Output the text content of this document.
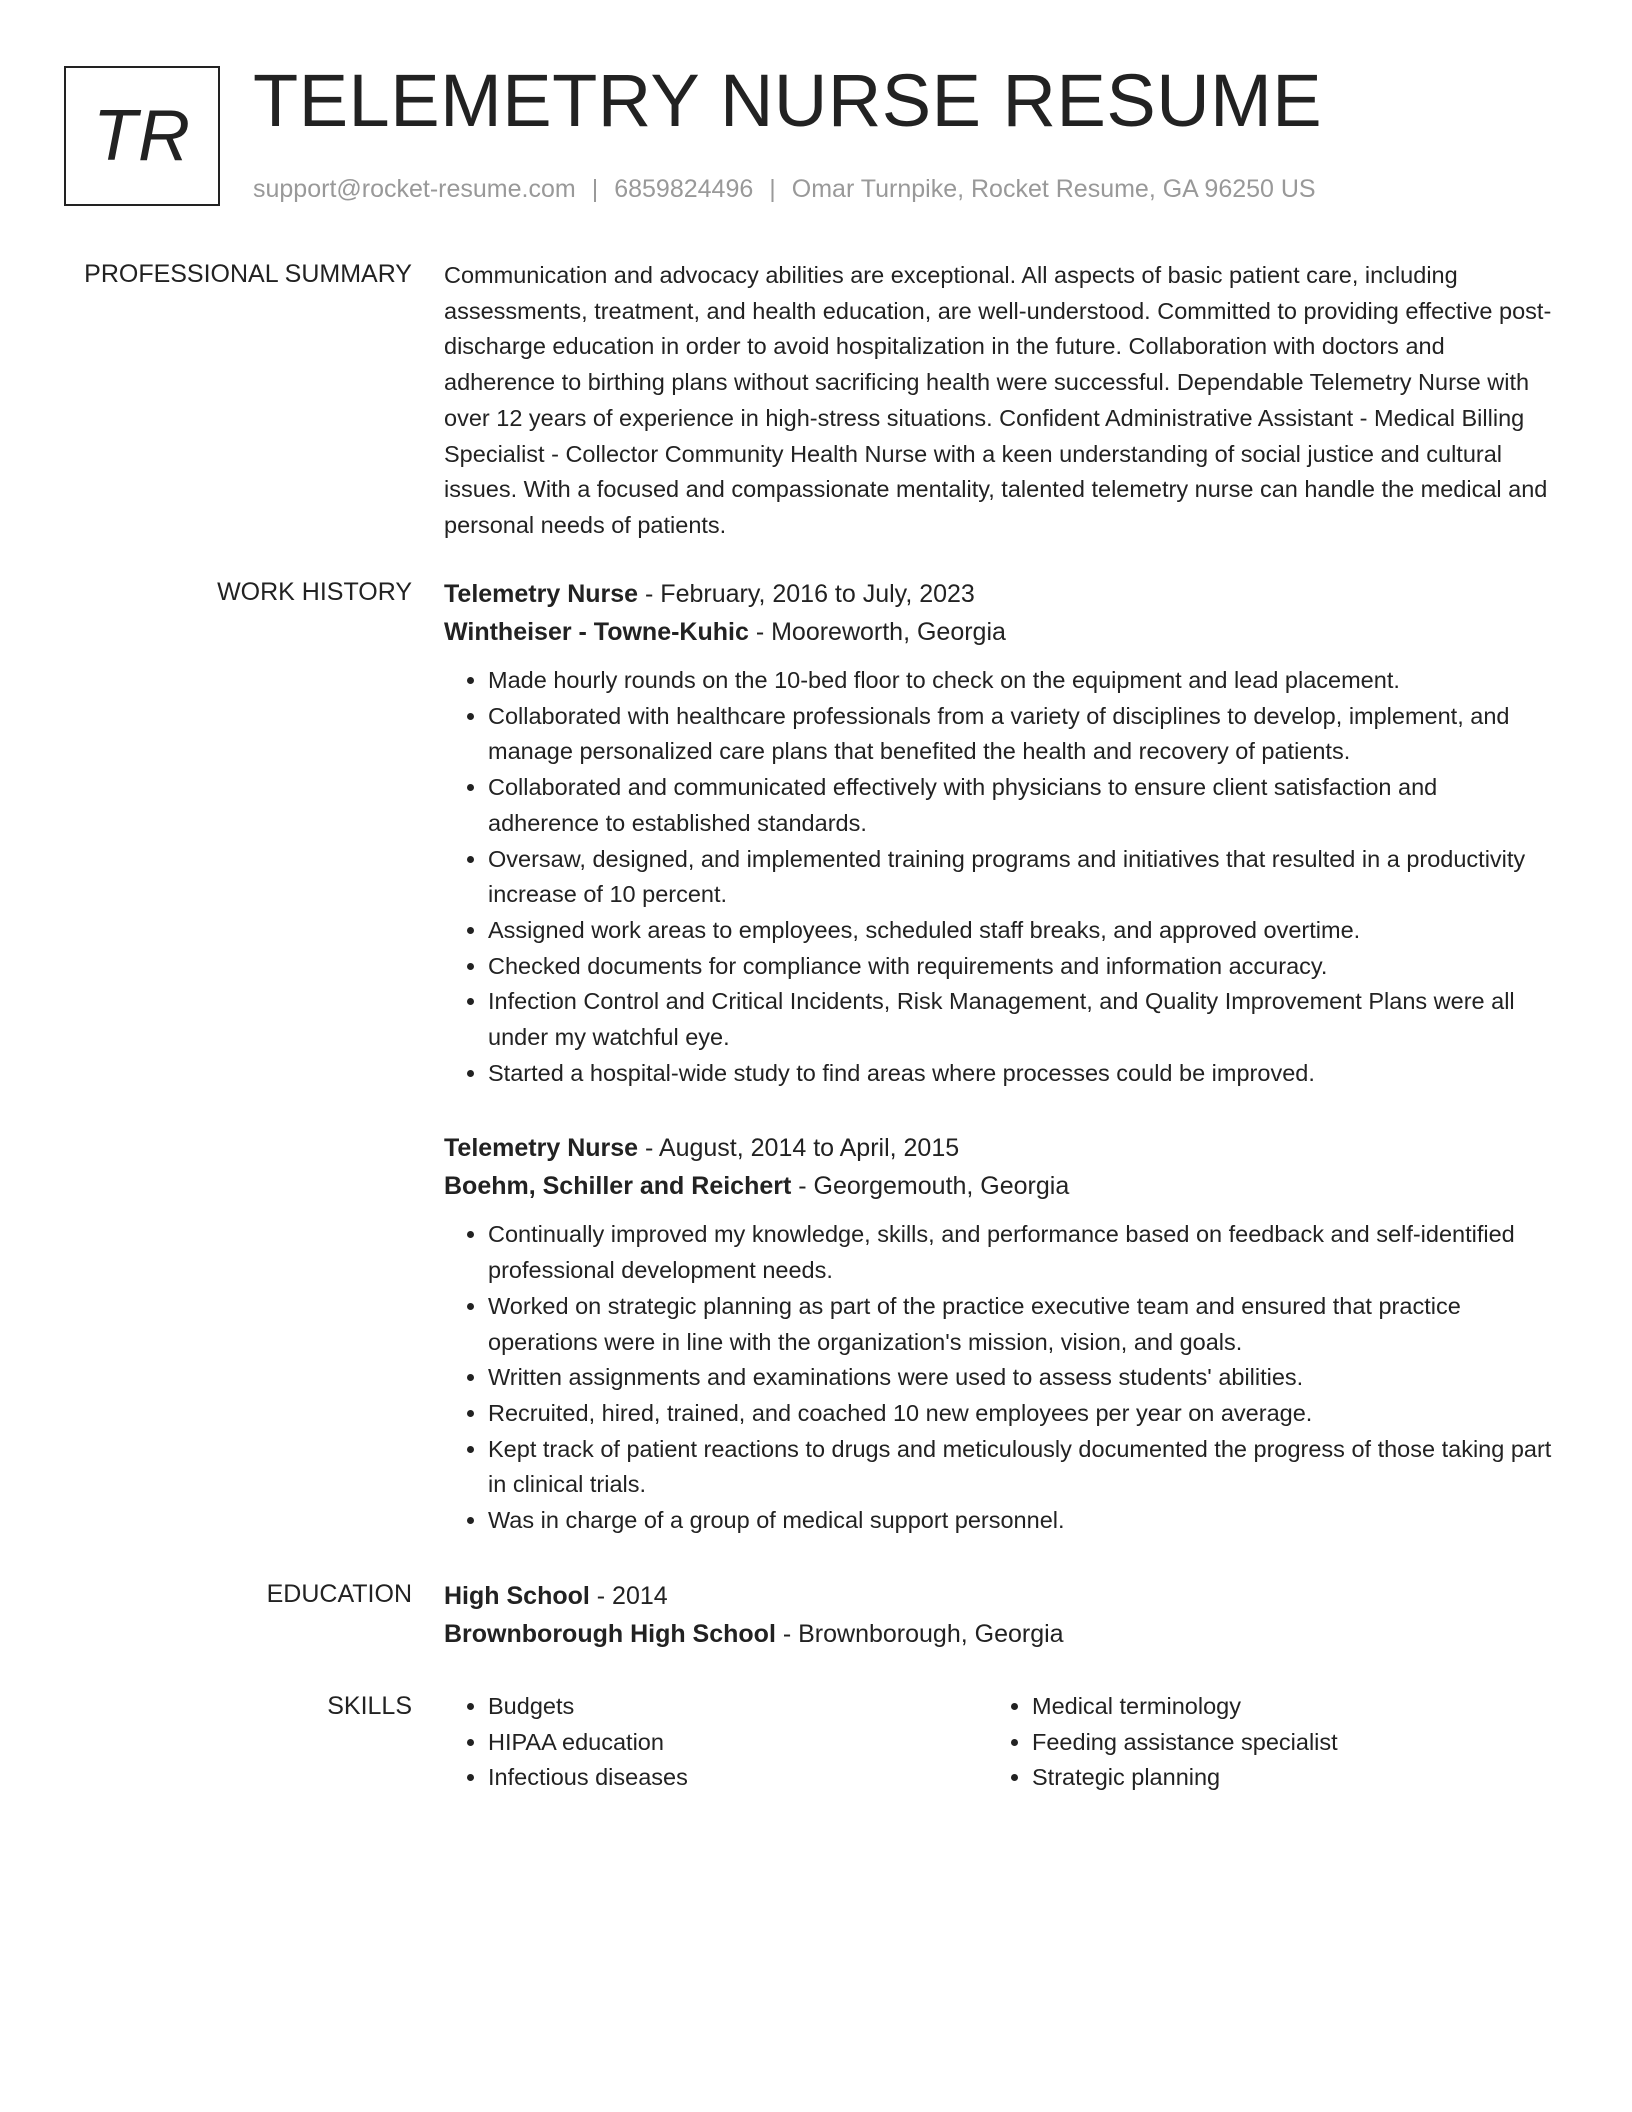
TR TELEMETRY NURSE RESUME
support@rocket-resume.com | 6859824496 | Omar Turnpike, Rocket Resume, GA 96250 US
PROFESSIONAL SUMMARY Communication and advocacy abilities are exceptional. All aspects of basic patient care, including assessments, treatment, and health education, are well-understood. Committed to providing effective post-discharge education in order to avoid hospitalization in the future. Collaboration with doctors and adherence to birthing plans without sacrificing health were successful. Dependable Telemetry Nurse with over 12 years of experience in high-stress situations. Confident Administrative Assistant - Medical Billing Specialist - Collector Community Health Nurse with a keen understanding of social justice and cultural issues. With a focused and compassionate mentality, talented telemetry nurse can handle the medical and personal needs of patients.

WORK HISTORY Telemetry Nurse - February, 2016 to July, 2023
Wintheiser - Towne-Kuhic - Mooreworth, Georgia
• Made hourly rounds on the 10-bed floor to check on the equipment and lead placement.
• Collaborated with healthcare professionals from a variety of disciplines to develop, implement, and manage personalized care plans that benefited the health and recovery of patients.
• Collaborated and communicated effectively with physicians to ensure client satisfaction and adherence to established standards.
• Oversaw, designed, and implemented training programs and initiatives that resulted in a productivity increase of 10 percent.
• Assigned work areas to employees, scheduled staff breaks, and approved overtime.
• Checked documents for compliance with requirements and information accuracy.
• Infection Control and Critical Incidents, Risk Management, and Quality Improvement Plans were all under my watchful eye.
• Started a hospital-wide study to find areas where processes could be improved.
Telemetry Nurse - August, 2014 to April, 2015
Boehm, Schiller and Reichert - Georgemouth, Georgia
• Continually improved my knowledge, skills, and performance based on feedback and self-identified professional development needs.
• Worked on strategic planning as part of the practice executive team and ensured that practice operations were in line with the organization's mission, vision, and goals.
• Written assignments and examinations were used to assess students' abilities.
• Recruited, hired, trained, and coached 10 new employees per year on average.
• Kept track of patient reactions to drugs and meticulously documented the progress of those taking part in clinical trials.
• Was in charge of a group of medical support personnel.
EDUCATION High School - 2014
Brownborough High School - Brownborough, Georgia
SKILLS
•	Budgets
• HIPAA education
• Infectious diseases
• Medical terminology
• Feeding assistance specialist
• Strategic planning
